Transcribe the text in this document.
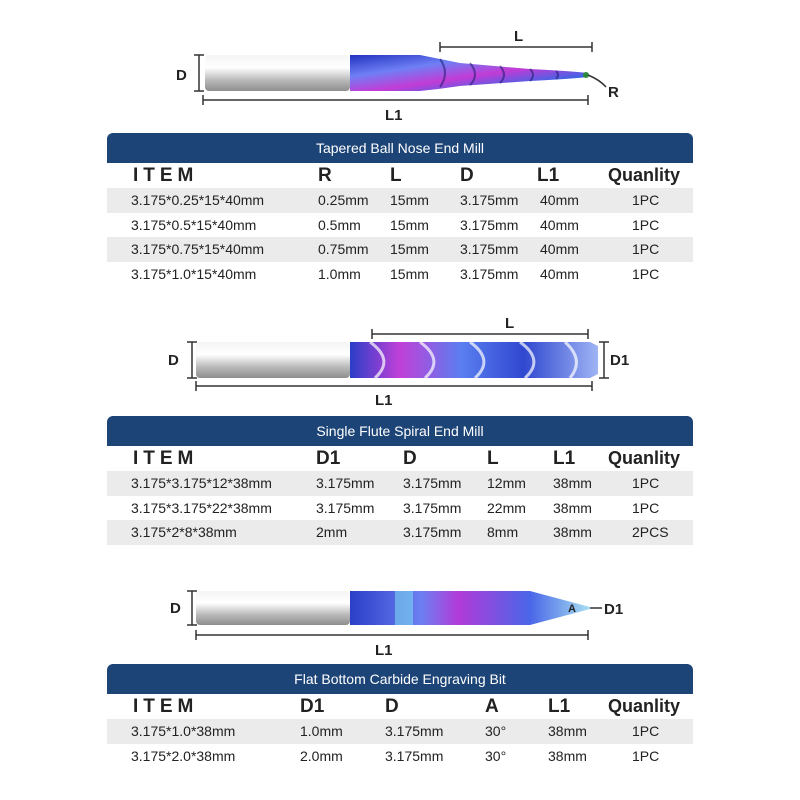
D
L
R
L1
Tapered Ball Nose End Mill
ITEM	R	L	D	L1	Quanlity
3.175*0.25*15*40mm	0.25mm 15mm 3.175mm 40mm	1PC
3.175*0.5*15*40mm	0.5mm 15mm 3.175mm 40mm	1PC
3.175*0.75*15*40mm	0.75mm 15mm 3.175mm 40mm	1PC
3.175*1.0*15*40mm	1.0mm 15mm 3.175mm 40mm	1PC
D
L
D1
L1
Single Flute Spiral End Mill
ITEM	D1	D	L	L1 Quanlity
3.175*3.175*12*38mm	3.175mm 3.175mm 12mm 38mm	1PC
3.175*3.175*22*38mm	3.175mm 3.175mm 22mm 38mm	1PC
3.175*2*8*38mm	2mm	3.175mm 8mm 38mm	2PCS
D	A D1
L1
Flat Bottom Carbide Engraving Bit
ITEM	D1	D	A	L1 Quanlity
3.175*1.0*38mm	1.0mm	3.175mm	30°	38mm	1PC
3.175*2.0*38mm	2.0mm	3.175mm	30°	38mm	1PC
